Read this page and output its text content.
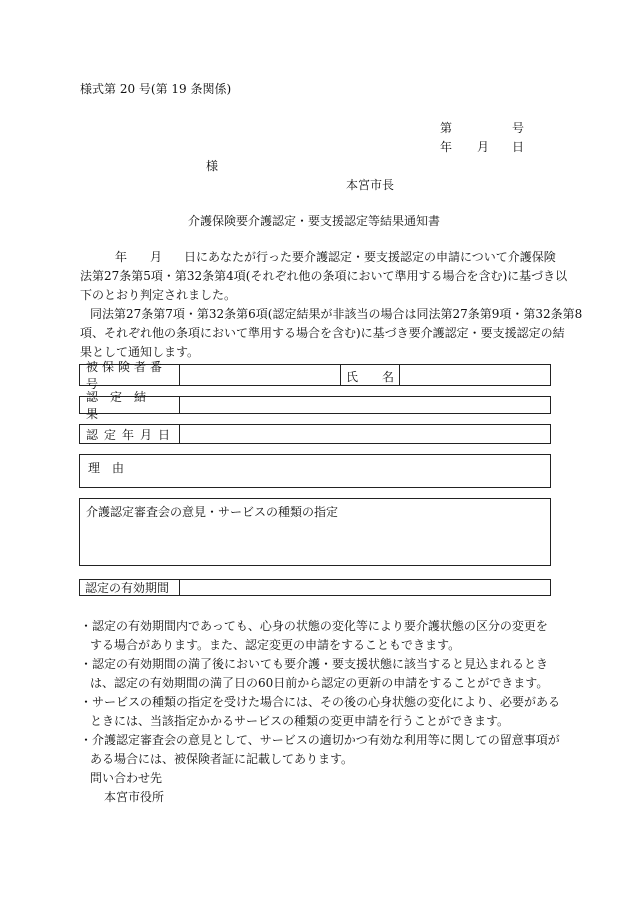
様式第 20 号(第 19 条関係)
第	号
年 月 日
様
本宮市長
介護保険要介護認定・要支援認定等結果通知書
年 月 日にあなたが行った要介護認定・要支援認定の申請について介護保険
法第27条第5項・第32条第4項(それぞれ他の条項において準用する場合を含む)に基づき以
下のとおり判定されました。
同法第27条第7項・第32条第6項(認定結果が非該当の場合は同法第27条第9項・第32条第8
項、それぞれ他の条項において準用する場合を含む)に基づき要介護認定・要支援認定の結
果として通知します。
被保険者番号	氏 名
認定結果
認定年月日
理　由
介護認定審査会の意見・サービスの種類の指定
認定の有効期間
・認定の有効期間内であっても、心身の状態の変化等により要介護状態の区分の変更を
する場合があります。また、認定変更の申請をすることもできます。
・認定の有効期間の満了後においても要介護・要支援状態に該当すると見込まれるとき
は、認定の有効期間の満了日の60日前から認定の更新の申請をすることができます。
・サービスの種類の指定を受けた場合には、その後の心身状態の変化により、必要がある
ときには、当該指定かかるサービスの種類の変更申請を行うことができます。
・介護認定審査会の意見として、サービスの適切かつ有効な利用等に関しての留意事項が
ある場合には、被保険者証に記載してあります。
問い合わせ先
本宮市役所
